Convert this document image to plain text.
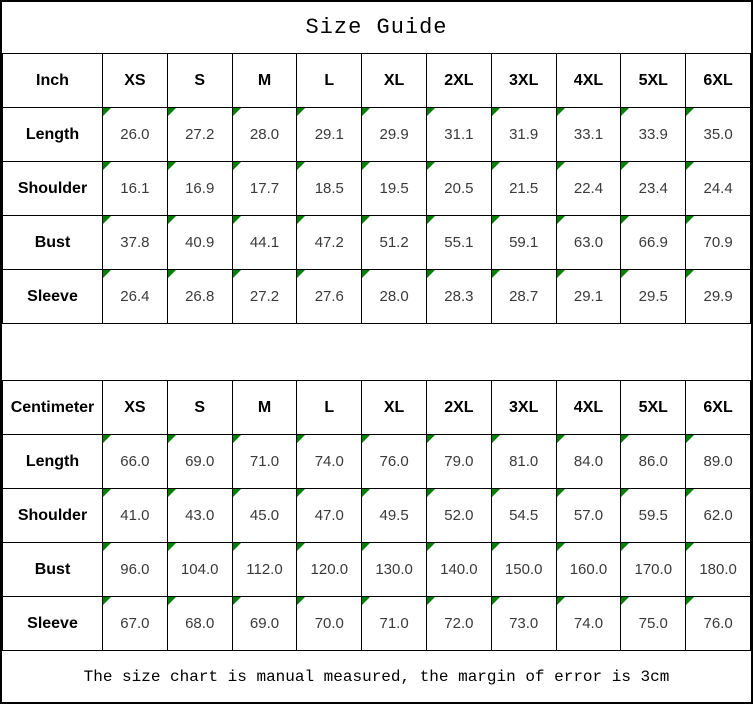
Size Guide
Inch	XS	S	M	L	XL	2XL	3XL	4XL	5XL	6XL
Length	26.0	27.2	28.0	29.1	29.9	31.1	31.9	33.1	33.9	35.0
Shoulder	16.1	16.9	17.7	18.5	19.5	20.5	21.5	22.4	23.4	24.4
Bust	37.8	40.9	44.1	47.2	51.2	55.1	59.1	63.0	66.9	70.9
Sleeve	26.4	26.8	27.2	27.6	28.0	28.3	28.7	29.1	29.5	29.9
Centimeter	XS	S	M	L	XL	2XL	3XL	4XL	5XL	6XL
Length	66.0	69.0	71.0	74.0	76.0	79.0	81.0	84.0	86.0	89.0
Shoulder	41.0	43.0	45.0	47.0	49.5	52.0	54.5	57.0	59.5	62.0
Bust	96.0	104.0	112.0	120.0	130.0	140.0	150.0	160.0	170.0	180.0
Sleeve	67.0	68.0	69.0	70.0	71.0	72.0	73.0	74.0	75.0	76.0
The size chart is manual measured, the margin of error is 3cm
